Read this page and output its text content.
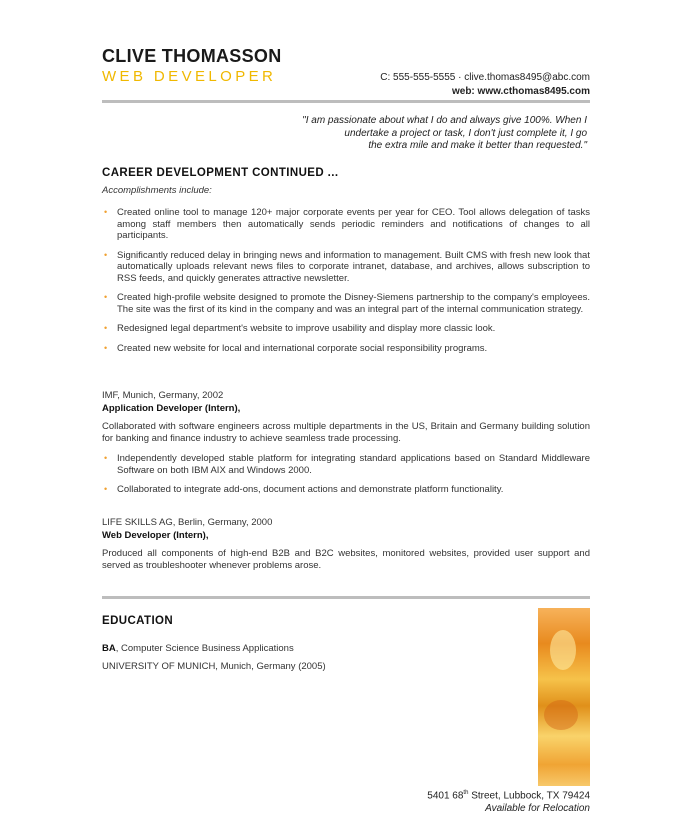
CLIVE THOMASSON
WEB DEVELOPER	C: 555-555-5555 · clive.thomas8495@abc.com
web: www.cthomas8495.com
"I am passionate about what I do and always give 100%. When I
undertake a project or task, I don't just complete it, I go
the extra mile and make it better than requested."
CAREER DEVELOPMENT CONTINUED ...
Accomplishments include:
• Created online tool to manage 120+ major corporate events per year for CEO. Tool allows delegation of tasks among staff members then automatically sends periodic reminders and notifications of changes to all participants.
• Significantly reduced delay in bringing news and information to management. Built CMS with fresh new look that automatically uploads relevant news files to corporate intranet, database, and archives, allows subscription to RSS feeds, and quickly generates attractive newsletter.
• Created high-profile website designed to promote the Disney-Siemens partnership to the company's employees. The site was the first of its kind in the company and was an integral part of the internal communication strategy.
• Redesigned legal department's website to improve usability and display more classic look.
• Created new website for local and international corporate social responsibility programs.
IMF, Munich, Germany, 2002
Application Developer (Intern),
Collaborated with software engineers across multiple departments in the US, Britain and Germany building solution for banking and finance industry to achieve seamless trade processing.
• Independently developed stable platform for integrating standard applications based on Standard Middleware Software on both IBM AIX and Windows 2000.
• Collaborated to integrate add-ons, document actions and demonstrate platform functionality.
LIFE SKILLS AG, Berlin, Germany, 2000
Web Developer (Intern),
Produced all components of high-end B2B and B2C websites, monitored websites, provided user support and served as troubleshooter whenever problems arose.
EDUCATION
BA, Computer Science Business Applications
UNIVERSITY OF MUNICH, Munich, Germany (2005)
5401 68th Street, Lubbock, TX 79424
Available for Relocation
